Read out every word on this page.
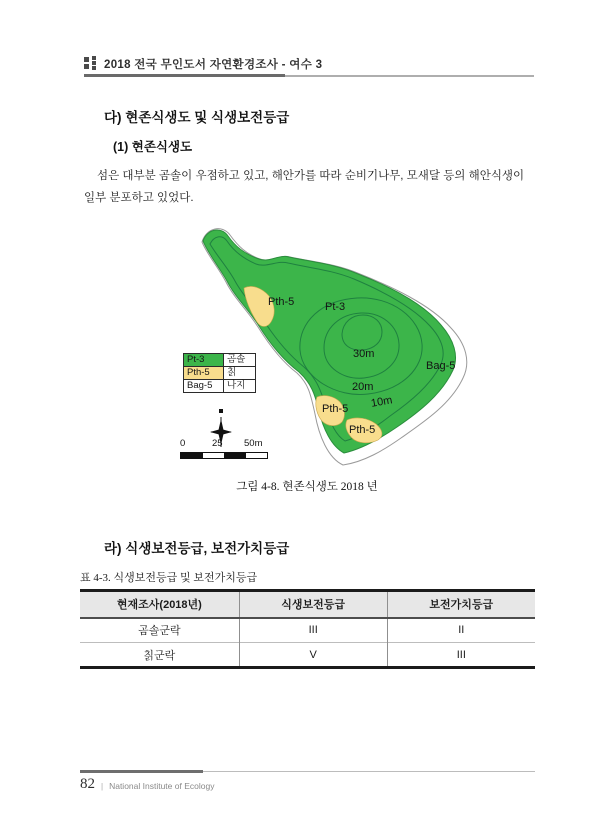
2018 전국 무인도서 자연환경조사 - 여수 3
다) 현존식생도 및 식생보전등급
(1) 현존식생도
섬은 대부분 곰솔이 우점하고 있고, 해안가를 따라 순비기나무, 모새달 등의 해안식생이 일부 분포하고 있었다.
Pth-5	Pt-3
30m
Bag-5
20m
10m
Pth-5
Pth-5
Pt-3	곰솔
Pth-5	칡
Bag-5	나지
0	25 50m
그림 4-8. 현존식생도 2018 년
라) 식생보전등급, 보전가치등급
표 4-3. 식생보전등급 및 보전가치등급
현재조사(2018년)	식생보전등급	보전가치등급
곰솔군락	III	II
칡군락	V	III
82 | National Institute of Ecology
